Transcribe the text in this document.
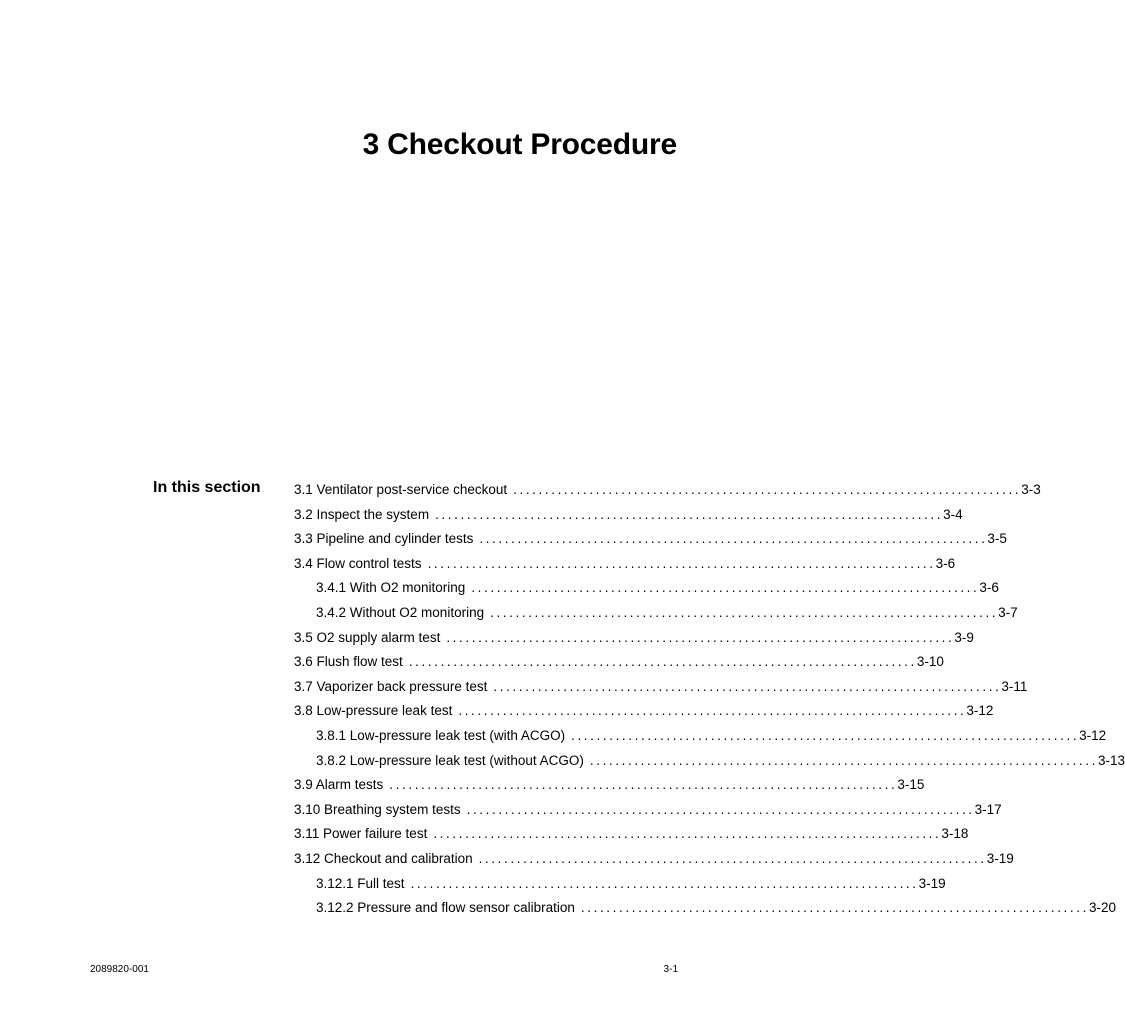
3 Checkout Procedure
In this section 3.1 Ventilator post-service checkout ................................................................................ 3-3
3.2 Inspect the system ................................................................................ 3-4
3.3 Pipeline and cylinder tests ................................................................................ 3-5
3.4 Flow control tests ................................................................................ 3-6
3.4.1 With O2 monitoring ................................................................................ 3-6
3.4.2 Without O2 monitoring ................................................................................ 3-7
3.5 O2 supply alarm test ................................................................................ 3-9
3.6 Flush flow test ................................................................................ 3-10
3.7 Vaporizer back pressure test ................................................................................ 3-11
3.8 Low-pressure leak test ................................................................................ 3-12
3.8.1 Low-pressure leak test (with ACGO) ................................................................................ 3-12
3.8.2 Low-pressure leak test (without ACGO) ................................................................................ 3-13
3.9 Alarm tests ................................................................................ 3-15
3.10 Breathing system tests ................................................................................ 3-17
3.11 Power failure test ................................................................................ 3-18
3.12 Checkout and calibration ................................................................................ 3-19
3.12.1 Full test ................................................................................ 3-19
3.12.2 Pressure and flow sensor calibration ................................................................................ 3-20
2089820-001	3-1
